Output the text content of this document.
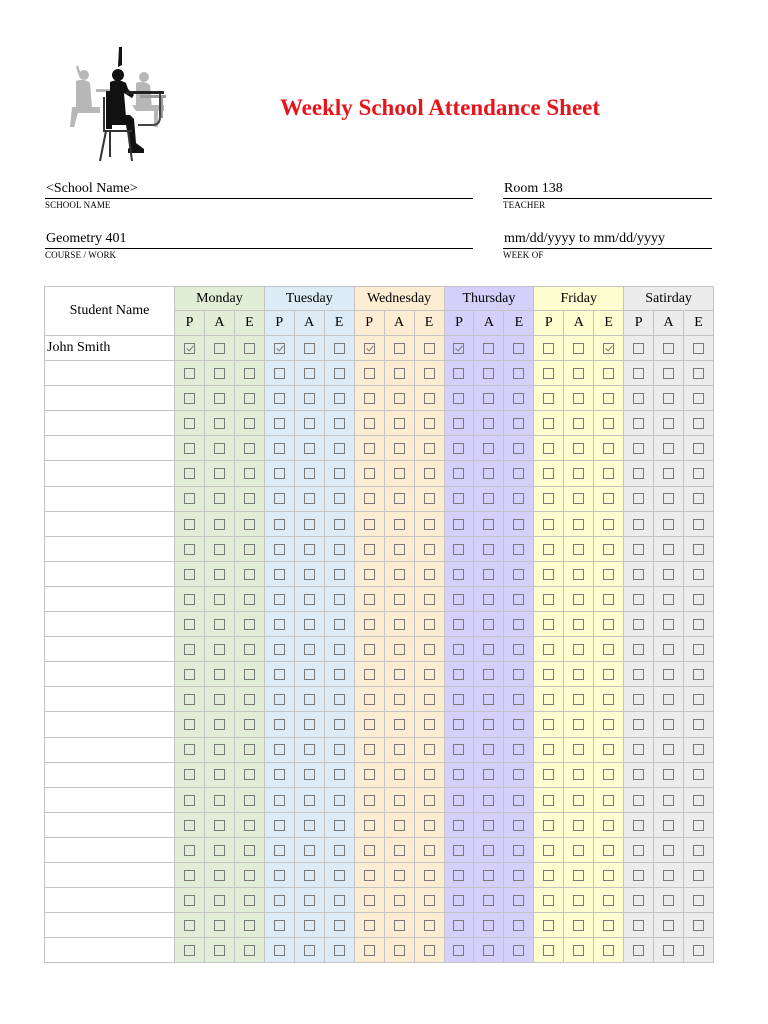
Weekly School Attendance Sheet
<School Name>
SCHOOL NAME
Room 138
TEACHER
Geometry 401
COURSE / WORK
mm/dd/yyyy to mm/dd/yyyy
WEEK OF
Student Name	Monday			Tuesday			Wednesday			Thursday			Friday			Satirday		
	P	A	E	P	A	E	P	A	E	P	A	E	P	A	E	P	A	E
John Smith																		
